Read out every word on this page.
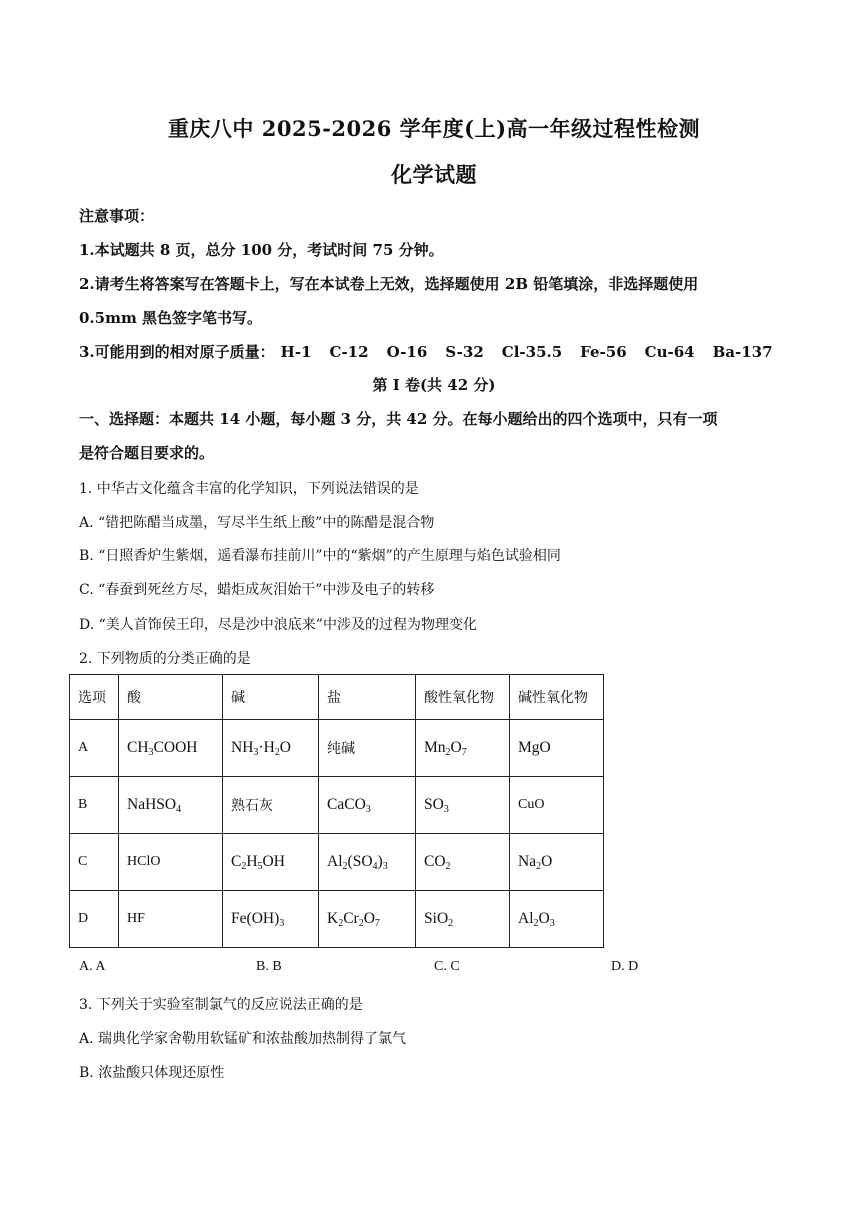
重庆八中 2025-2026 学年度(上)高一年级过程性检测
化学试题
注意事项：
1.本试题共 8 页，总分 100 分，考试时间 75 分钟。
2.请考生将答案写在答题卡上，写在本试卷上无效，选择题使用 2B 铅笔填涂，非选择题使用
0.5mm 黑色签字笔书写。
3.可能用到的相对原子质量： H-1 C-12 O-16 S-32 Cl-35.5 Fe-56 Cu-64 Ba-137
第 I 卷(共 42 分)
一、选择题：本题共 14 小题，每小题 3 分，共 42 分。在每小题给出的四个选项中，只有一项
是符合题目要求的。
1. 中华古文化蕴含丰富的化学知识，下列说法错误的是
A. “错把陈醋当成墨，写尽半生纸上酸”中的陈醋是混合物
B. “日照香炉生紫烟，遥看瀑布挂前川”中的“紫烟”的产生原理与焰色试验相同
C. “春蚕到死丝方尽，蜡炬成灰泪始干”中涉及电子的转移
D. “美人首饰侯王印，尽是沙中浪底来”中涉及的过程为物理变化
2. 下列物质的分类正确的是
选项	酸	碱	盐	酸性氧化物	碱性氧化物
A	$CH_3COOH$	$NH_3\cdot H_2O$	纯碱	$Mn_2O_7$	MgO
B	NaHSO$_4$	熟石灰	CaCO$_3$	$SO_3$	CuO
C	HClO	$C_2H_5OH$	$Al_2(SO_4)_3$	$CO_2$	$Na_2O$
D	HF	$Fe(OH)_3$	$K_2Cr_2O_7$	SiO$_2$	$Al_2O_3$
A. A	B. B	C. C	D. D
3. 下列关于实验室制氯气的反应说法正确的是
A. 瑞典化学家舍勒用软锰矿和浓盐酸加热制得了氯气
B. 浓盐酸只体现还原性
